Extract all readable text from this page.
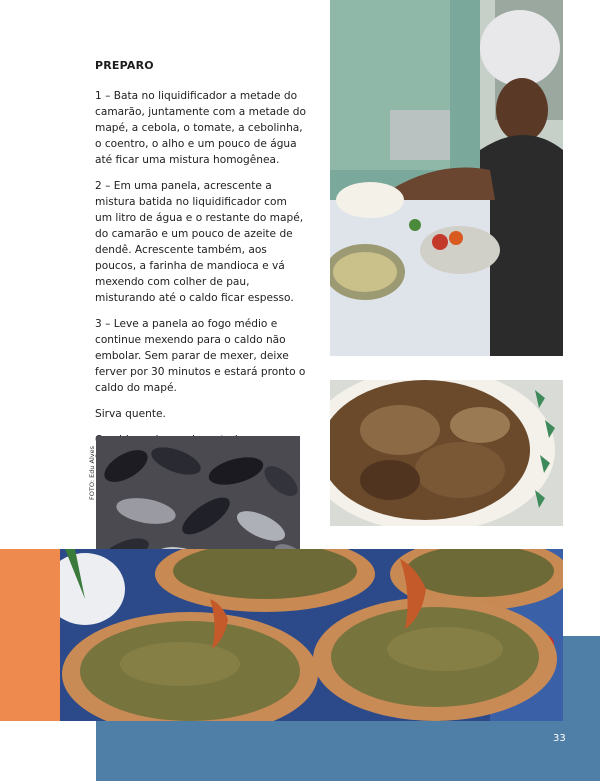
PREPARO

1 – Bata no liquidificador a metade do camarão, juntamente com a metade do mapé, a cebola, o tomate, a cebolinha, o coentro, o alho e um pouco de água até ficar uma mistura homogênea.

2 – Em uma panela, acrescente a mistura batida no liquidificador com um litro de água e o restante do mapé, do camarão e um pouco de azeite de dendê. Acrescente também, aos poucos, a farinha de mandioca e vá mexendo com colher de pau, misturando até o caldo ficar espesso.

3 – Leve a panela ao fogo médio e continue mexendo para o caldo não embolar. Sem parar de mexer, deixe ferver por 30 minutos e estará pronto o caldo do mapé.

Sirva quente.

FOTO: Edu Alves
33
